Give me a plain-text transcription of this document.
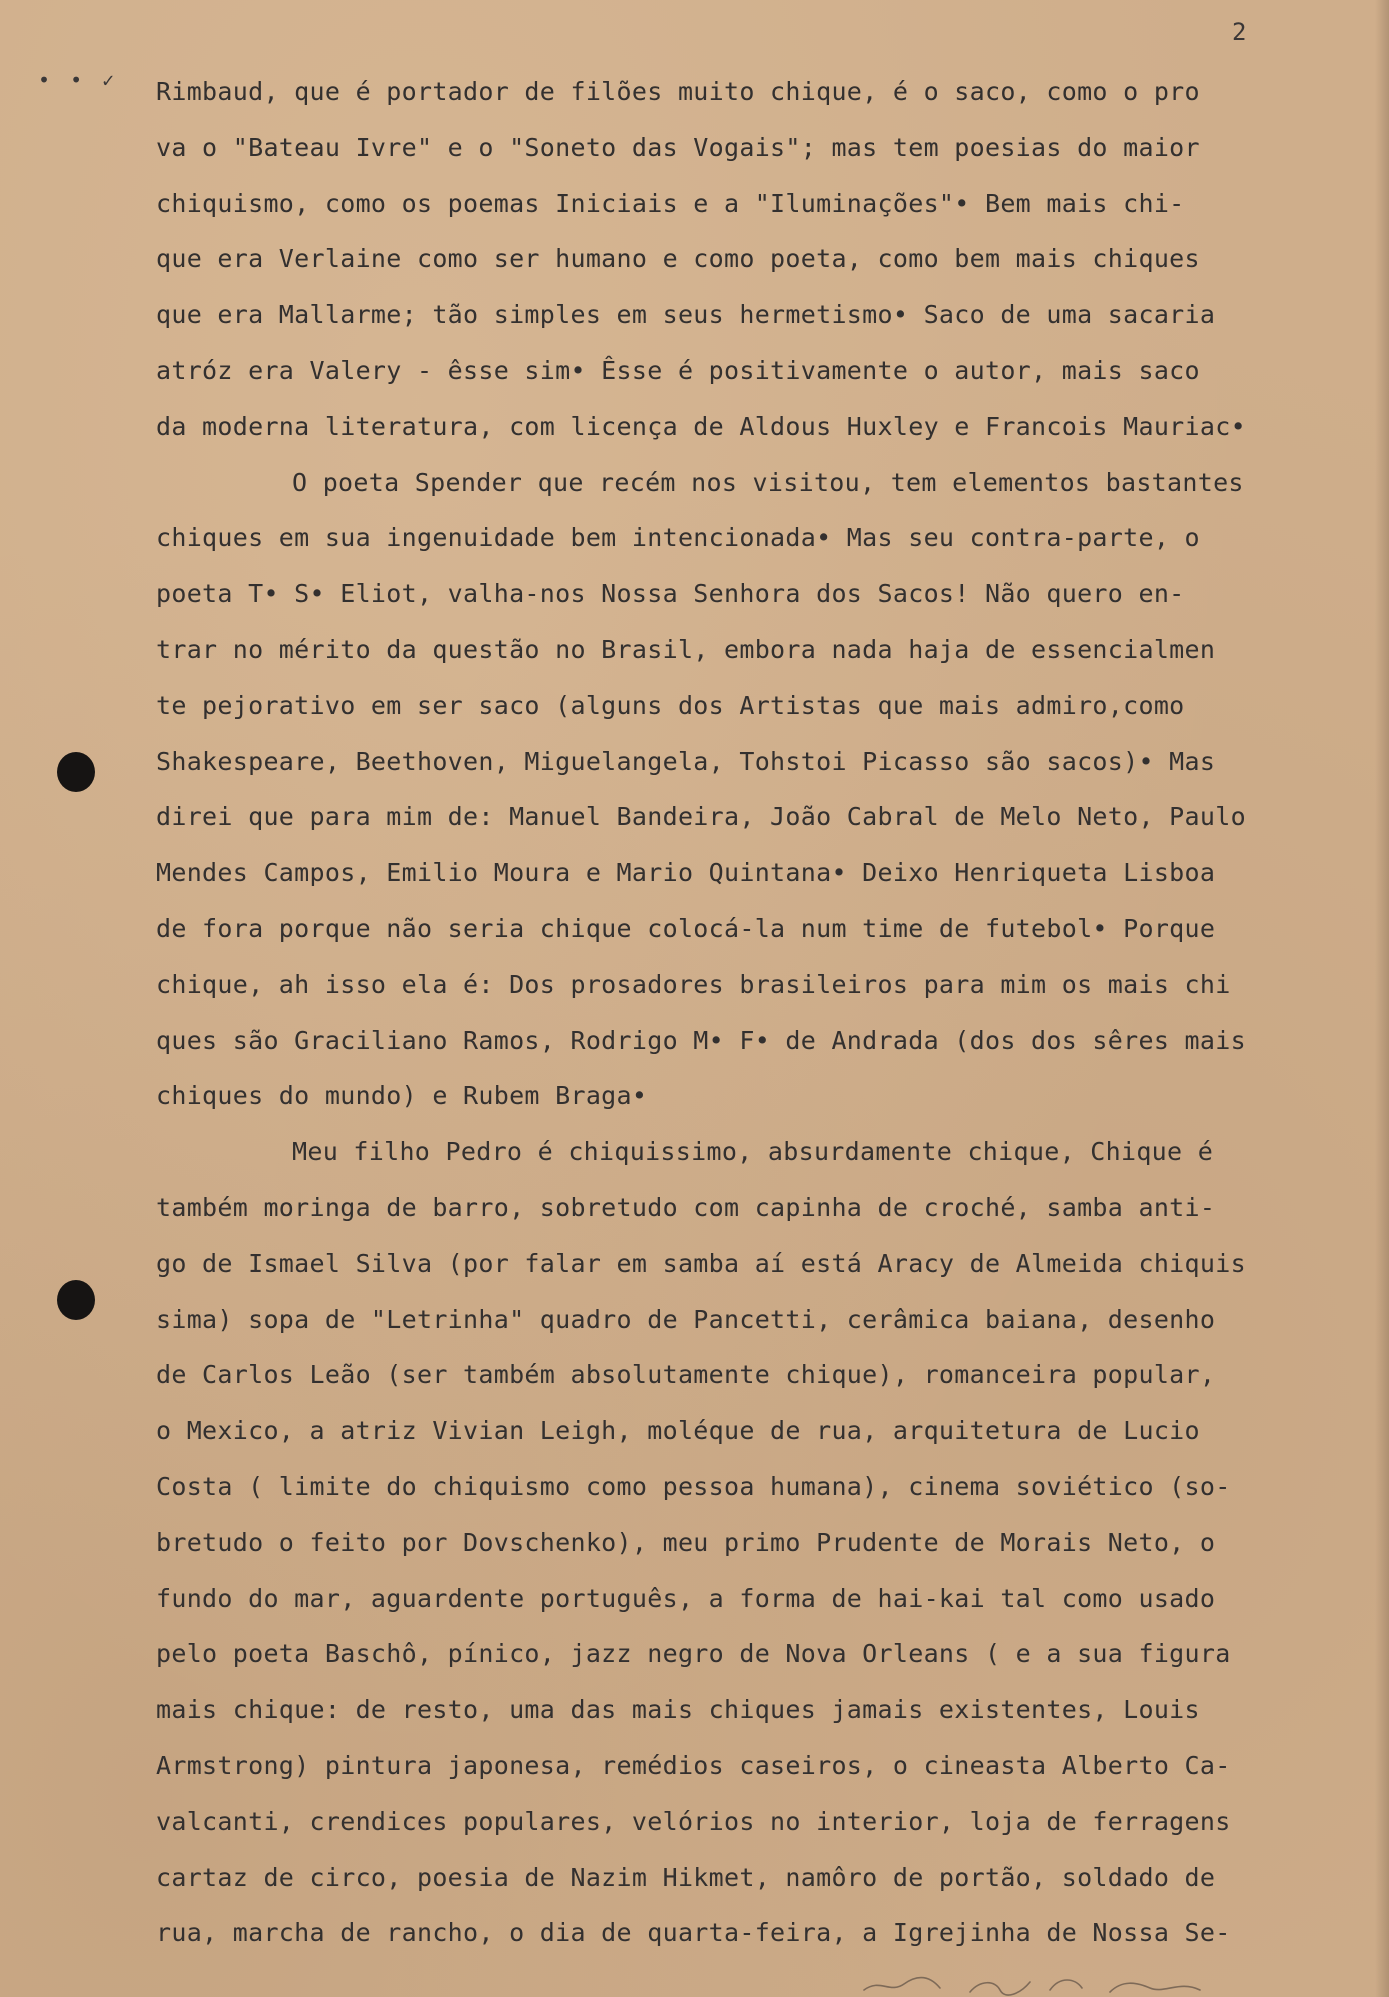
2
• • ✓ Rimbaud, que é portador de filões muito chique, é o saco, como o pro
va o "Bateau Ivre" e o "Soneto das Vogais"; mas tem poesias do maior
chiquismo, como os poemas Iniciais e a "Iluminações"• Bem mais chi-
que era Verlaine como ser humano e como poeta, como bem mais chiques
que era Mallarme; tão simples em seus hermetismo• Saco de uma sacaria
atróz era Valery - êsse sim• Êsse é positivamente o autor, mais saco
da moderna literatura, com licença de Aldous Huxley e Francois Mauriac•
O poeta Spender que recém nos visitou, tem elementos bastantes
chiques em sua ingenuidade bem intencionada• Mas seu contra-parte, o
poeta T• S• Eliot, valha-nos Nossa Senhora dos Sacos! Não quero en-
trar no mérito da questão no Brasil, embora nada haja de essencialmen
te pejorativo em ser saco (alguns dos Artistas que mais admiro,como
Shakespeare, Beethoven, Miguelangela, Tohstoi Picasso são sacos)• Mas
direi que para mim de: Manuel Bandeira, João Cabral de Melo Neto, Paulo
Mendes Campos, Emilio Moura e Mario Quintana• Deixo Henriqueta Lisboa
de fora porque não seria chique colocá-la num time de futebol• Porque
chique, ah isso ela é: Dos prosadores brasileiros para mim os mais chi
ques são Graciliano Ramos, Rodrigo M• F• de Andrada (dos dos sêres mais
chiques do mundo) e Rubem Braga•
Meu filho Pedro é chiquissimo, absurdamente chique, Chique é
também moringa de barro, sobretudo com capinha de croché, samba anti-
go de Ismael Silva (por falar em samba aí está Aracy de Almeida chiquis
sima) sopa de "Letrinha" quadro de Pancetti, cerâmica baiana, desenho
de Carlos Leão (ser também absolutamente chique), romanceira popular,
o Mexico, a atriz Vivian Leigh, moléque de rua, arquitetura de Lucio
Costa ( limite do chiquismo como pessoa humana), cinema soviético (so-
bretudo o feito por Dovschenko), meu primo Prudente de Morais Neto, o
fundo do mar, aguardente português, a forma de hai-kai tal como usado
pelo poeta Baschô, pínico, jazz negro de Nova Orleans ( e a sua figura
mais chique: de resto, uma das mais chiques jamais existentes, Louis
Armstrong) pintura japonesa, remédios caseiros, o cineasta Alberto Ca-
valcanti, crendices populares, velórios no interior, loja de ferragens
cartaz de circo, poesia de Nazim Hikmet, namôro de portão, soldado de
rua, marcha de rancho, o dia de quarta-feira, a Igrejinha de Nossa Se-
